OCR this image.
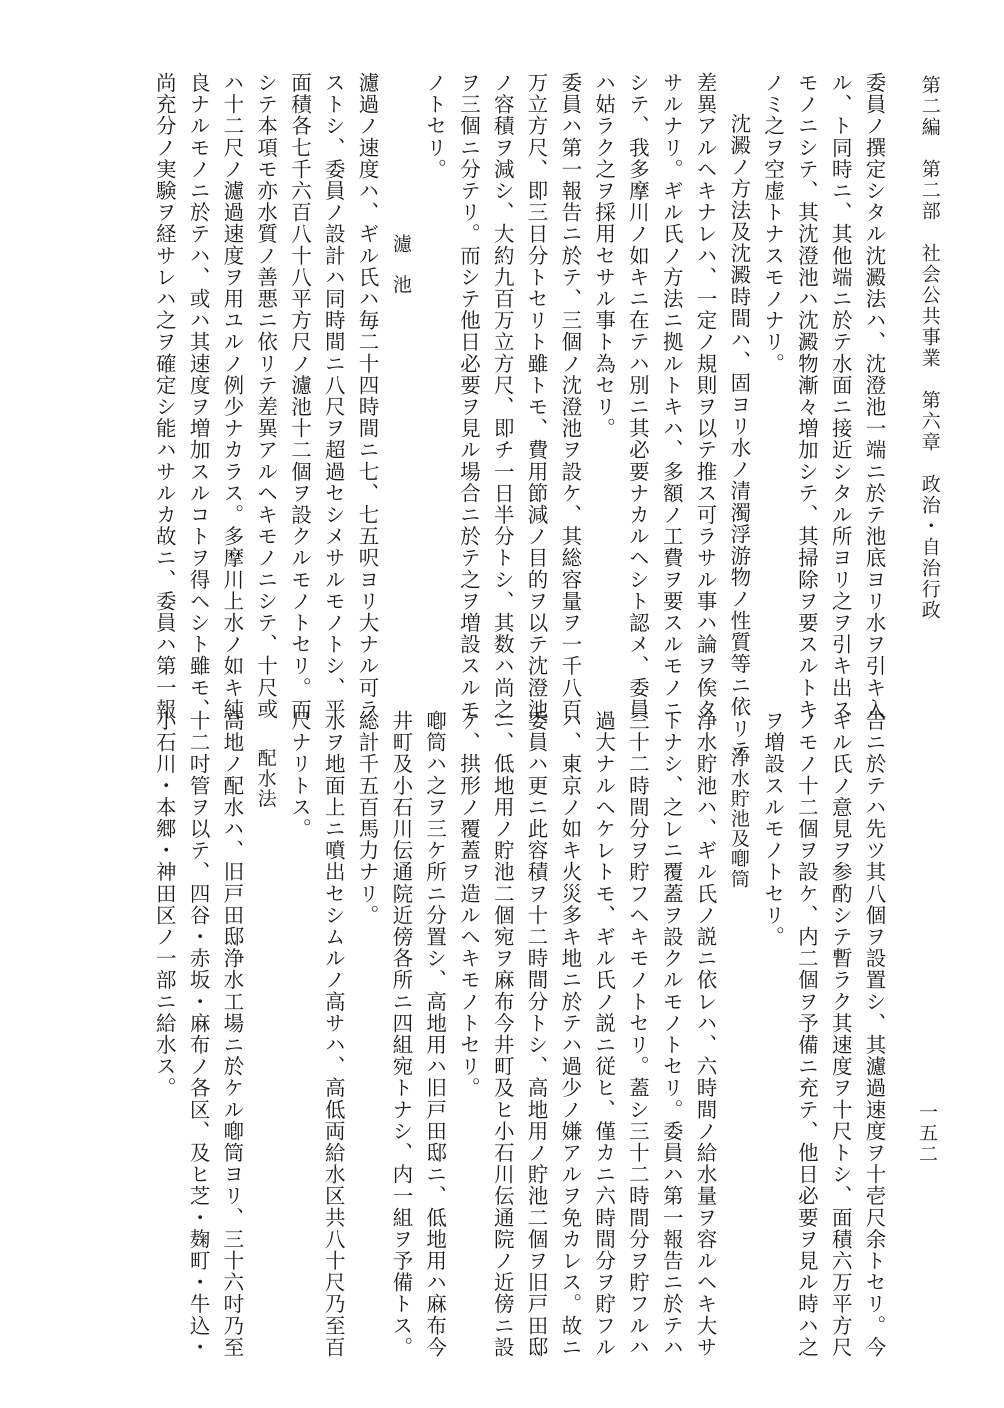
第二編　第二部　社会公共事業　第六章　政治・自治行政
一五二

委員ノ撰定シタル沈澱法ハ、沈澄池一端ニ於テ池底ヨリ水ヲ引キ入

ル、ト同時ニ、其他端ニ於テ水面ニ接近シタル所ヨリ之ヲ引キ出ス

モノニシテ、其沈澄池ハ沈澱物漸々増加シテ、其掃除ヲ要スルトキ

ノミ之ヲ空虚トナスモノナリ。

沈澱ノ方法及沈澱時間ハ、固ヨリ水ノ清濁浮游物ノ性質等ニ依リテ

差異アルヘキナレハ、一定ノ規則ヲ以テ推ス可ラサル事ハ論ヲ俟タ

サルナリ。ギル氏ノ方法ニ拠ルトキハ、多額ノ工費ヲ要スルモノニ

シテ、我多摩川ノ如キニ在テハ別ニ其必要ナカルヘシト認メ、委員

ハ姑ラク之ヲ採用セサル事ト為セリ。

委員ハ第一報告ニ於テ、三個ノ沈澄池ヲ設ケ、其総容量ヲ一千八百

万立方尺、即三日分トセリト雖トモ、費用節減ノ目的ヲ以テ沈澄池

ノ容積ヲ減シ、大約九百万立方尺、即チ一日半分トシ、其数ハ尚之

ヲ三個ニ分テリ。而シテ他日必要ヲ見ル場合ニ於テ之ヲ増設スルモ

ノトセリ。

濾　池

濾過ノ速度ハ、ギル氏ハ毎二十四時間ニ七、七五呎ヨリ大ナル可ラ

ストシ、委員ノ設計ハ同時間ニ八尺ヲ超過セシメサルモノトシ、平

面積各七千六百八十八平方尺ノ濾池十二個ヲ設クルモノトセリ。而

シテ本項モ亦水質ノ善悪ニ依リテ差異アルヘキモノニシテ、十尺或

ハ十二尺ノ濾過速度ヲ用ユルノ例少ナカラス。多摩川上水ノ如キ純

良ナルモノニ於テハ、或ハ其速度ヲ増加スルコトヲ得ヘシト雖モ、

尚充分ノ実験ヲ経サレハ之ヲ確定シ能ハサルカ故ニ、委員ハ第一報

告ニ於テハ先ツ其八個ヲ設置シ、其濾過速度ヲ十壱尺余トセリ。今

ギル氏ノ意見ヲ参酌シテ暫ラク其速度ヲ十尺トシ、面積六万平方尺

ノモノ十二個ヲ設ケ、内二個ヲ予備ニ充テ、他日必要ヲ見ル時ハ之

ヲ増設スルモノトセリ。

浄水貯池及喞筒

浄水貯池ハ、ギル氏ノ説ニ依レハ、六時間ノ給水量ヲ容ルヘキ大サ

トナシ、之レニ覆蓋ヲ設クルモノトセリ。委員ハ第一報告ニ於テハ

三十二時間分ヲ貯フヘキモノトセリ。蓋シ三十二時間分ヲ貯フルハ

過大ナルヘケレトモ、ギル氏ノ説ニ従ヒ、僅カニ六時間分ヲ貯フル

ハ、東京ノ如キ火災多キ地ニ於テハ過少ノ嫌アルヲ免カレス。故ニ

委員ハ更ニ此容積ヲ十二時間分トシ、高地用ノ貯池二個ヲ旧戸田邸

ニ、低地用ノ貯池二個宛ヲ麻布今井町及ヒ小石川伝通院ノ近傍ニ設

ケ、拱形ノ覆蓋ヲ造ルヘキモノトセリ。

喞筒ハ之ヲ三ケ所ニ分置シ、高地用ハ旧戸田邸ニ、低地用ハ麻布今

井町及小石川伝通院近傍各所ニ四組宛トナシ、内一組ヲ予備トス。

総計千五百馬力ナリ。

水ヲ地面上ニ噴出セシムルノ高サハ、高低両給水区共八十尺乃至百

尺ナリトス。

配水法

高地ノ配水ハ、旧戸田邸浄水工場ニ於ケル喞筒ヨリ、三十六吋乃至

十二吋管ヲ以テ、四谷・赤坂・麻布ノ各区、及ヒ芝・麹町・牛込・

小石川・本郷・神田区ノ一部ニ給水ス。
